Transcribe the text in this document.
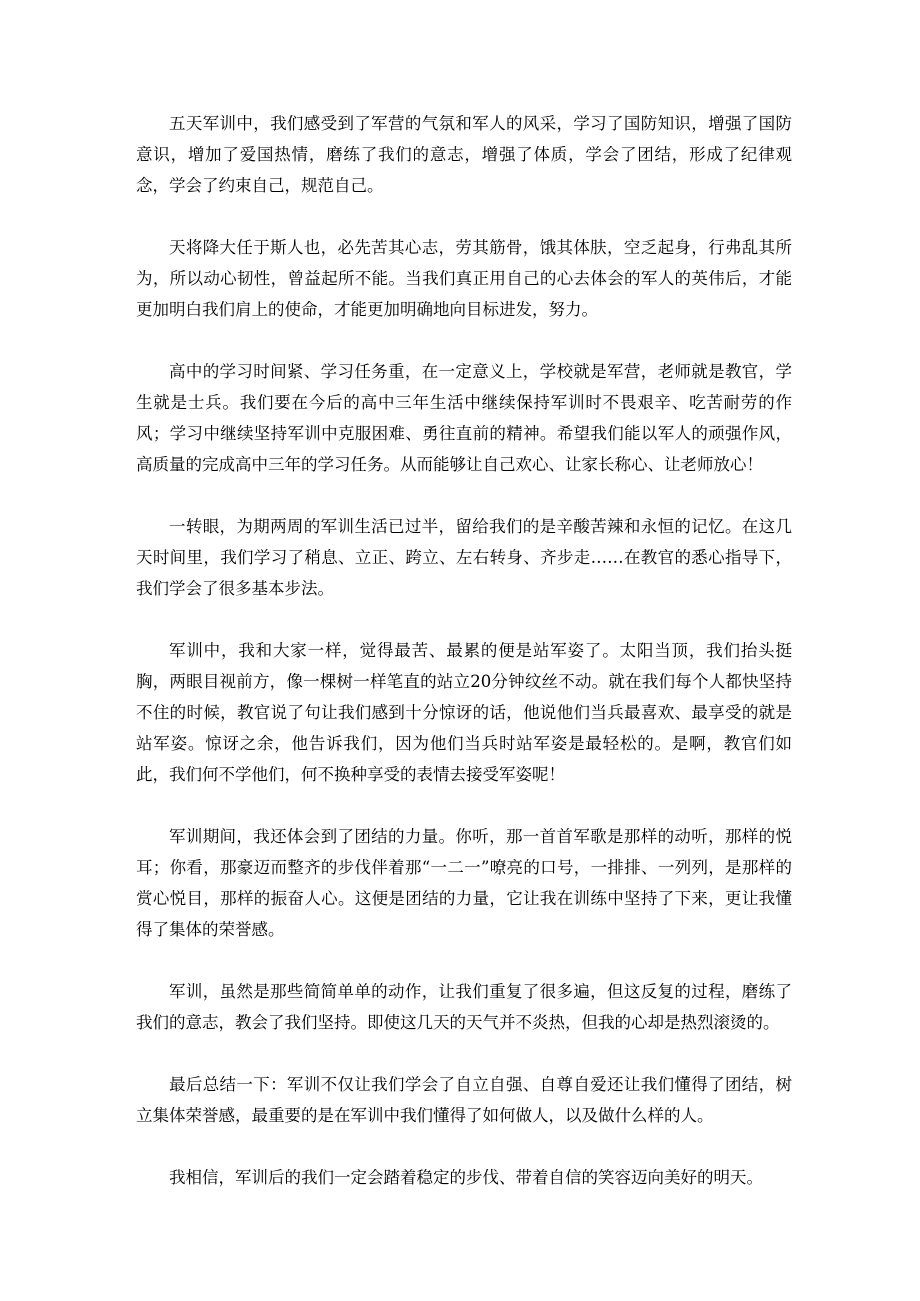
五天军训中，我们感受到了军营的气氛和军人的风采，学习了国防知识，增强了国防意识，增加了爱国热情，磨练了我们的意志，增强了体质，学会了团结，形成了纪律观念，学会了约束自己，规范自己。

天将降大任于斯人也，必先苦其心志，劳其筋骨，饿其体肤，空乏起身，行弗乱其所为，所以动心韧性，曾益起所不能。当我们真正用自己的心去体会的军人的英伟后，才能更加明白我们肩上的使命，才能更加明确地向目标进发，努力。

高中的学习时间紧、学习任务重，在一定意义上，学校就是军营，老师就是教官，学生就是士兵。我们要在今后的高中三年生活中继续保持军训时不畏艰辛、吃苦耐劳的作风；学习中继续坚持军训中克服困难、勇往直前的精神。希望我们能以军人的顽强作风，高质量的完成高中三年的学习任务。从而能够让自己欢心、让家长称心、让老师放心！

一转眼，为期两周的军训生活已过半，留给我们的是辛酸苦辣和永恒的记忆。在这几天时间里，我们学习了稍息、立正、跨立、左右转身、齐步走……在教官的悉心指导下，我们学会了很多基本步法。

军训中，我和大家一样，觉得最苦、最累的便是站军姿了。太阳当顶，我们抬头挺胸，两眼目视前方，像一棵树一样笔直的站立20分钟纹丝不动。就在我们每个人都快坚持不住的时候，教官说了句让我们感到十分惊讶的话，他说他们当兵最喜欢、最享受的就是站军姿。惊讶之余，他告诉我们，因为他们当兵时站军姿是最轻松的。是啊，教官们如此，我们何不学他们，何不换种享受的表情去接受军姿呢！

军训期间，我还体会到了团结的力量。你听，那一首首军歌是那样的动听，那样的悦耳；你看，那豪迈而整齐的步伐伴着那“一二一”嘹亮的口号，一排排、一列列，是那样的赏心悦目，那样的振奋人心。这便是团结的力量，它让我在训练中坚持了下来，更让我懂得了集体的荣誉感。

军训，虽然是那些简简单单的动作，让我们重复了很多遍，但这反复的过程，磨练了我们的意志，教会了我们坚持。即使这几天的天气并不炎热，但我的心却是热烈滚烫的。

最后总结一下：军训不仅让我们学会了自立自强、自尊自爱还让我们懂得了团结，树立集体荣誉感，最重要的是在军训中我们懂得了如何做人，以及做什么样的人。

我相信，军训后的我们一定会踏着稳定的步伐、带着自信的笑容迈向美好的明天。
